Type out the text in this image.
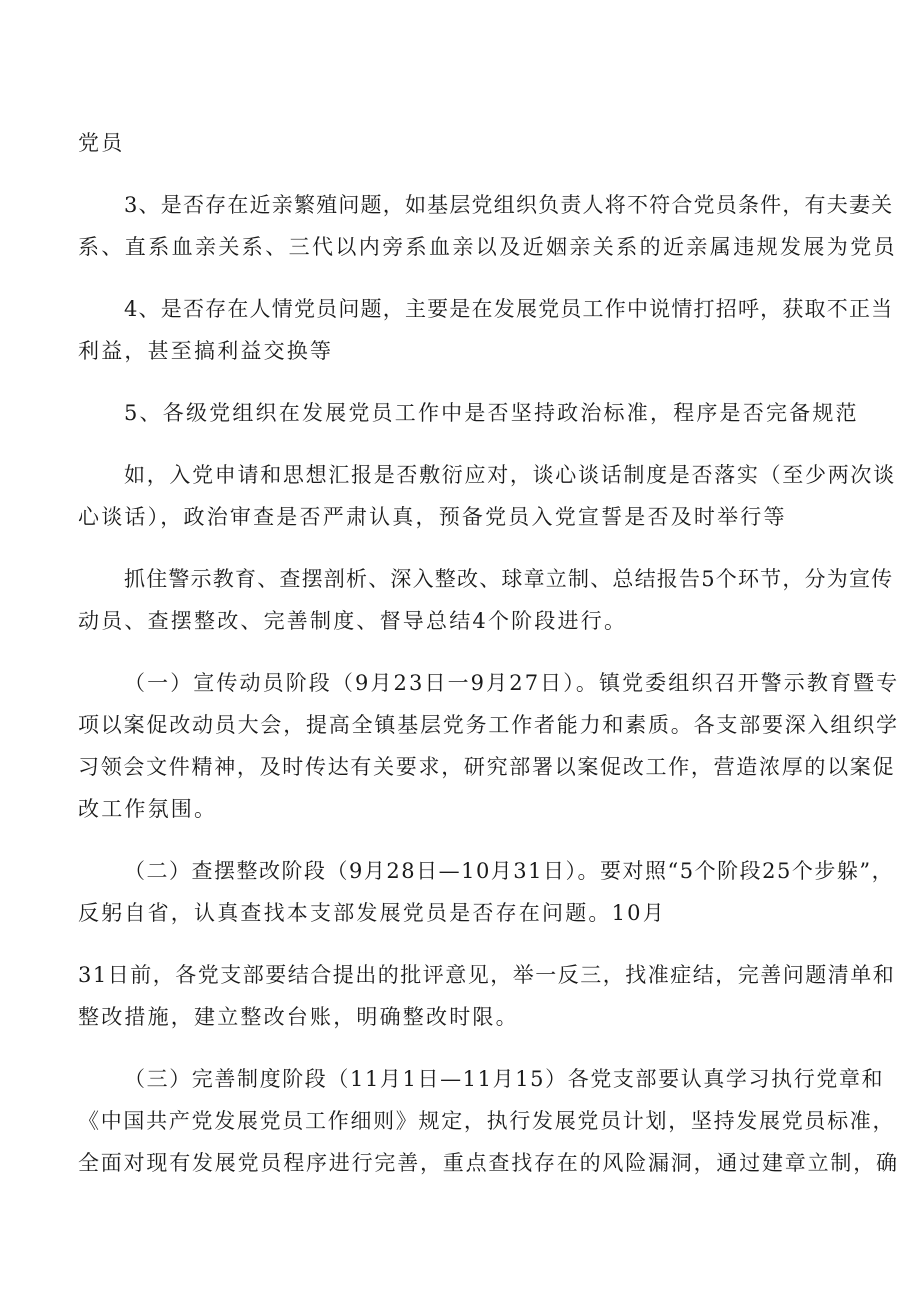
党员
3、是否存在近亲繁殖问题，如基层党组织负责人将不符合党员条件，有夫妻关
系、直系血亲关系、三代以内旁系血亲以及近姻亲关系的近亲属违规发展为党员
4、是否存在人情党员问题，主要是在发展党员工作中说情打招呼，获取不正当
利益，甚至搞利益交换等
5、各级党组织在发展党员工作中是否坚持政治标准，程序是否完备规范
如，入党申请和思想汇报是否敷衍应对，谈心谈话制度是否落实（至少两次谈
心谈话），政治审查是否严肃认真，预备党员入党宣誓是否及时举行等
抓住警示教育、查摆剖析、深入整改、球章立制、总结报告5个环节，分为宣传
动员、查摆整改、完善制度、督导总结4个阶段进行。
（一）宣传动员阶段（9月23日一9月27日）。镇党委组织召开警示教育暨专
项以案促改动员大会，提高全镇基层党务工作者能力和素质。各支部要深入组织学
习领会文件精神，及时传达有关要求，研究部署以案促改工作，营造浓厚的以案促
改工作氛围。
（二）查摆整改阶段（9月28日—10月31日）。要对照“5个阶段25个步躲”，
反躬自省，认真查找本支部发展党员是否存在问题。10月
31日前，各党支部要结合提出的批评意见，举一反三，找准症结，完善问题清单和
整改措施，建立整改台账，明确整改时限。
（三）完善制度阶段（11月1日—11月15）各党支部要认真学习执行党章和
《中国共产党发展党员工作细则》规定，执行发展党员计划，坚持发展党员标准，
全面对现有发展党员程序进行完善，重点查找存在的风险漏洞，通过建章立制，确
